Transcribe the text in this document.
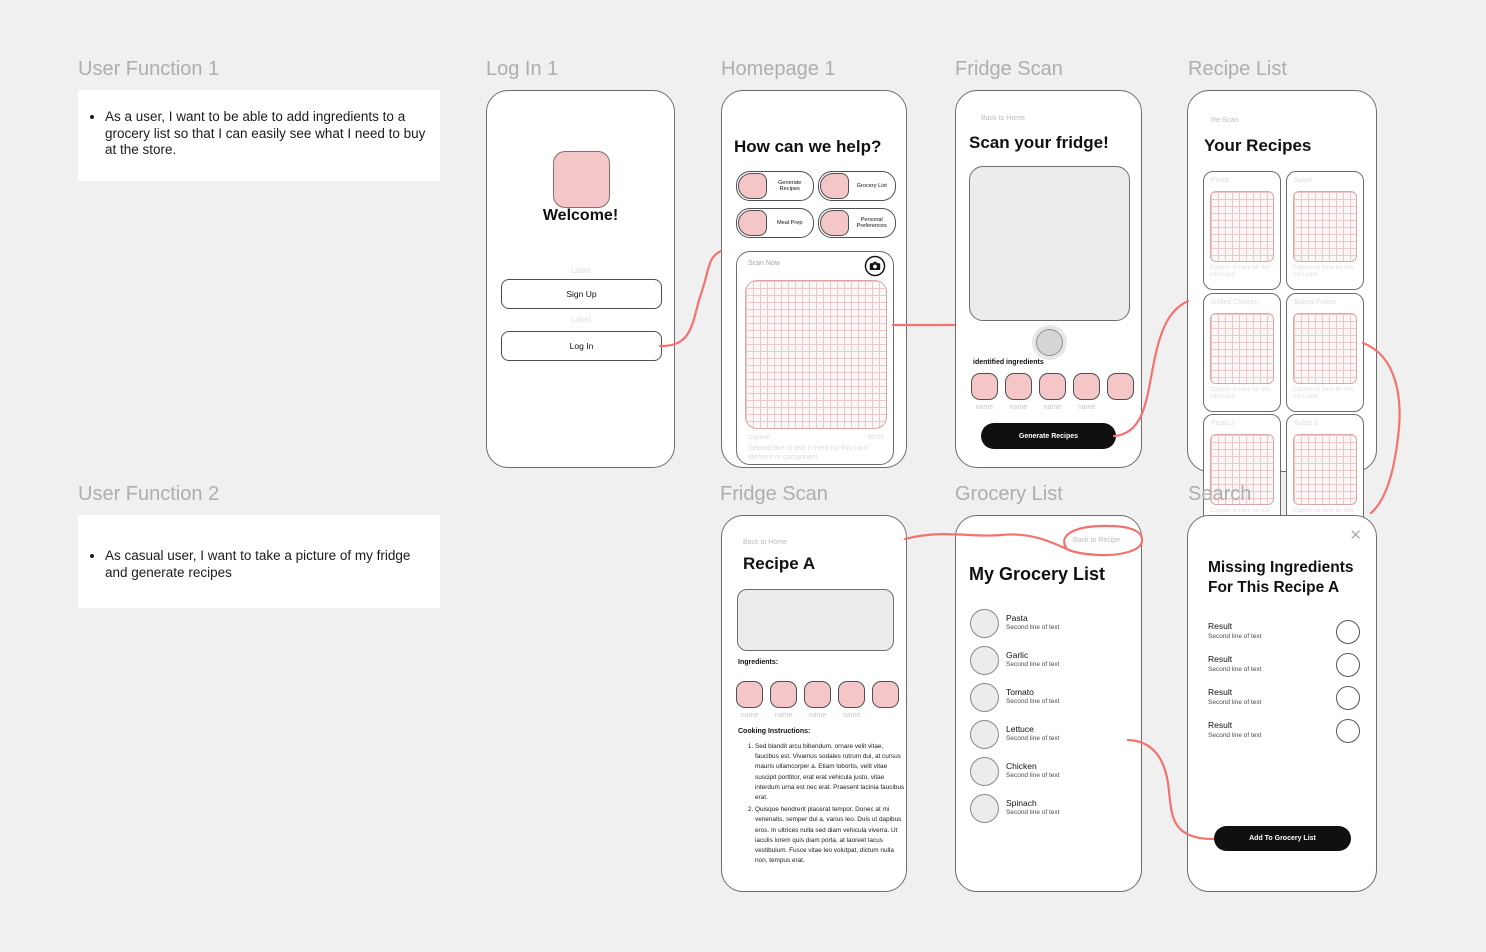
User Function 1
• As a user, I want to be able to add ingredients to a grocery list so that I can easily see what I need to buy at the store.
User Function 2
• As casual user, I want to take a picture of my fridge and generate recipes
Log In 1
Welcome!
Label
Sign Up
Label
Log In
Homepage 1
How can we help?
Generate Recipes
Grocery List
Meal Prep
Personal Preferences
Scan Now
Caption	00:00
Second line of text in here for this card element or component.
Fridge Scan
Back to Home
Scan your fridge!
identified ingredients
name	name	name	name
Generate Recipes
Recipe List
Re-Scan
Your Recipes
Pasta
Caption in here for this mini-card
Salad
Caption in here for this mini-card
Grilled Chicken
Caption in here for this mini-card
Baked Potato
Caption in here for this mini-card
Pasta 2
Caption in here for this
Salad 2
Caption in here for this
Fridge Scan
Back to Home
Recipe A
Ingredients:
name	name	name	name
Cooking Instructions:
1. Sed blandit arcu bibendum, ornare velit vitae, faucibus est. Vivamus sodales rutrum dui, at cursus mauris ullamcorper a. Etiam lobortis, velit vitae suscipit porttitor, erat erat vehicula justo, vitae interdum urna est nec erat. Praesent lacinia faucibus erat.
2. Quisque hendrerit placerat tempor. Donec at mi venenatis, semper dui a, varius leo. Duis ut dapibus eros. In ultrices nulla sed diam vehicula viverra. Ut iaculis lorem quis diam porta, at laoreet lacus vestibulum. Fusce vitae leo volutpat, dictum nulla non, tempus erat.
Grocery List
Back to Recipe
My Grocery List
Pasta
Second line of text
Garlic
Second line of text
Tomato
Second line of text
Lettuce
Second line of text
Chicken
Second line of text
Spinach
Second line of text
Search
✕
Missing Ingredients For This Recipe A
Result
Second line of text
Result
Second line of text
Result
Second line of text
Result
Second line of text
Add To Grocery List
